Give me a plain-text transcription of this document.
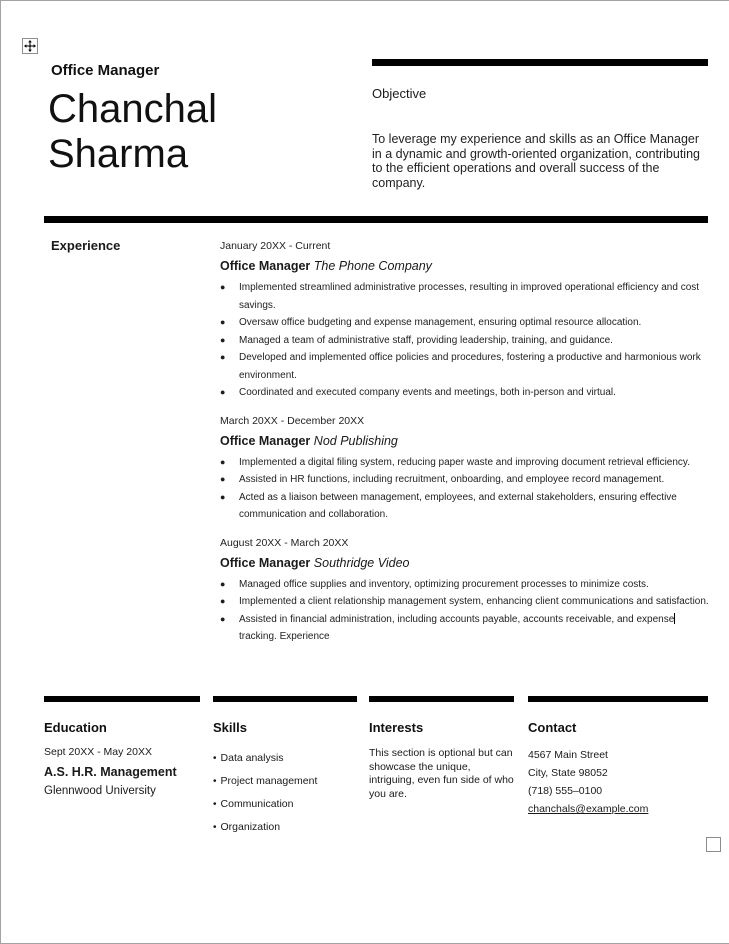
Office Manager
Chanchal
Sharma
Objective
To leverage my experience and skills as an Office Manager in a dynamic and growth-oriented organization, contributing to the efficient operations and overall success of the company.
Experience	January 20XX - Current
Office Manager The Phone Company
●	Implemented streamlined administrative processes, resulting in improved operational efficiency and cost savings.
●	Oversaw office budgeting and expense management, ensuring optimal resource allocation.
●	Managed a team of administrative staff, providing leadership, training, and guidance.
●	Developed and implemented office policies and procedures, fostering a productive and harmonious work environment.
●	Coordinated and executed company events and meetings, both in-person and virtual.
March 20XX - December 20XX
Office Manager Nod Publishing
●	Implemented a digital filing system, reducing paper waste and improving document retrieval efficiency.
●	Assisted in HR functions, including recruitment, onboarding, and employee record management.
●	Acted as a liaison between management, employees, and external stakeholders, ensuring effective communication and collaboration.
August 20XX - March 20XX
Office Manager Southridge Video
●	Managed office supplies and inventory, optimizing procurement processes to minimize costs.
●	Implemented a client relationship management system, enhancing client communications and satisfaction.
●	Assisted in financial administration, including accounts payable, accounts receivable, and expense
tracking. Experience
Education
Sept 20XX - May 20XX
A.S. H.R. Management
Glennwood University
Skills
• Data analysis
• Project management
• Communication
• Organization
Interests
This section is optional but can showcase the unique, intriguing, even fun side of who you are.
Contact
4567 Main Street
City, State 98052
(718) 555–0100
chanchals@example.com
